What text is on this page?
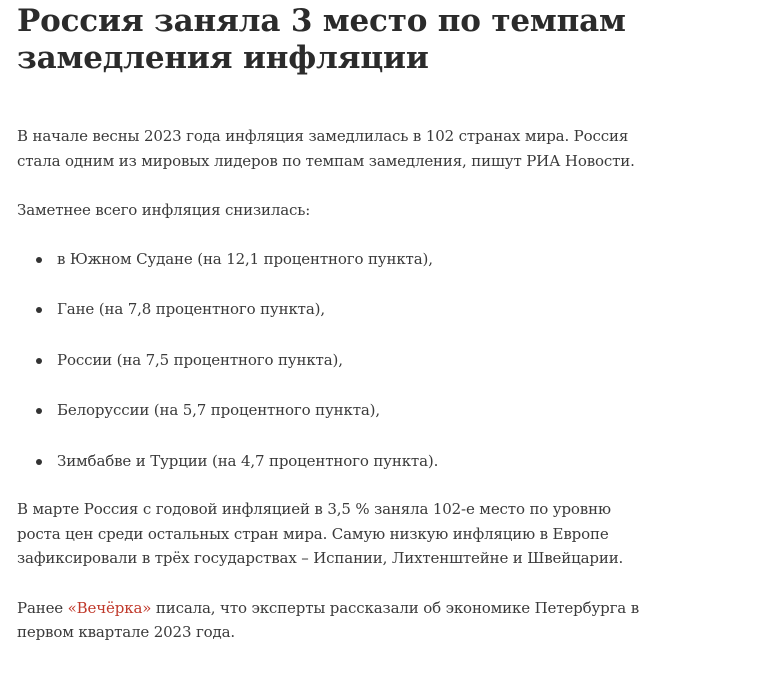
Россия заняла 3 место по темпам замедления инфляции

В начале весны 2023 года инфляция замедлилась в 102 странах мира. Россия стала одним из мировых лидеров по темпам замедления, пишут РИА Новости.

Заметнее всего инфляция снизилась:

в Южном Судане (на 12,1 процентного пункта),
Гане (на 7,8 процентного пункта),
России (на 7,5 процентного пункта),
Белоруссии (на 5,7 процентного пункта),
Зимбабве и Турции (на 4,7 процентного пункта).

В марте Россия с годовой инфляцией в 3,5 % заняла 102-е место по уровню роста цен среди остальных стран мира. Самую низкую инфляцию в Европе зафиксировали в трёх государствах – Испании, Лихтенштейне и Швейцарии.

Ранее «Вечёрка» писала, что эксперты рассказали об экономике Петербурга в первом квартале 2023 года.
